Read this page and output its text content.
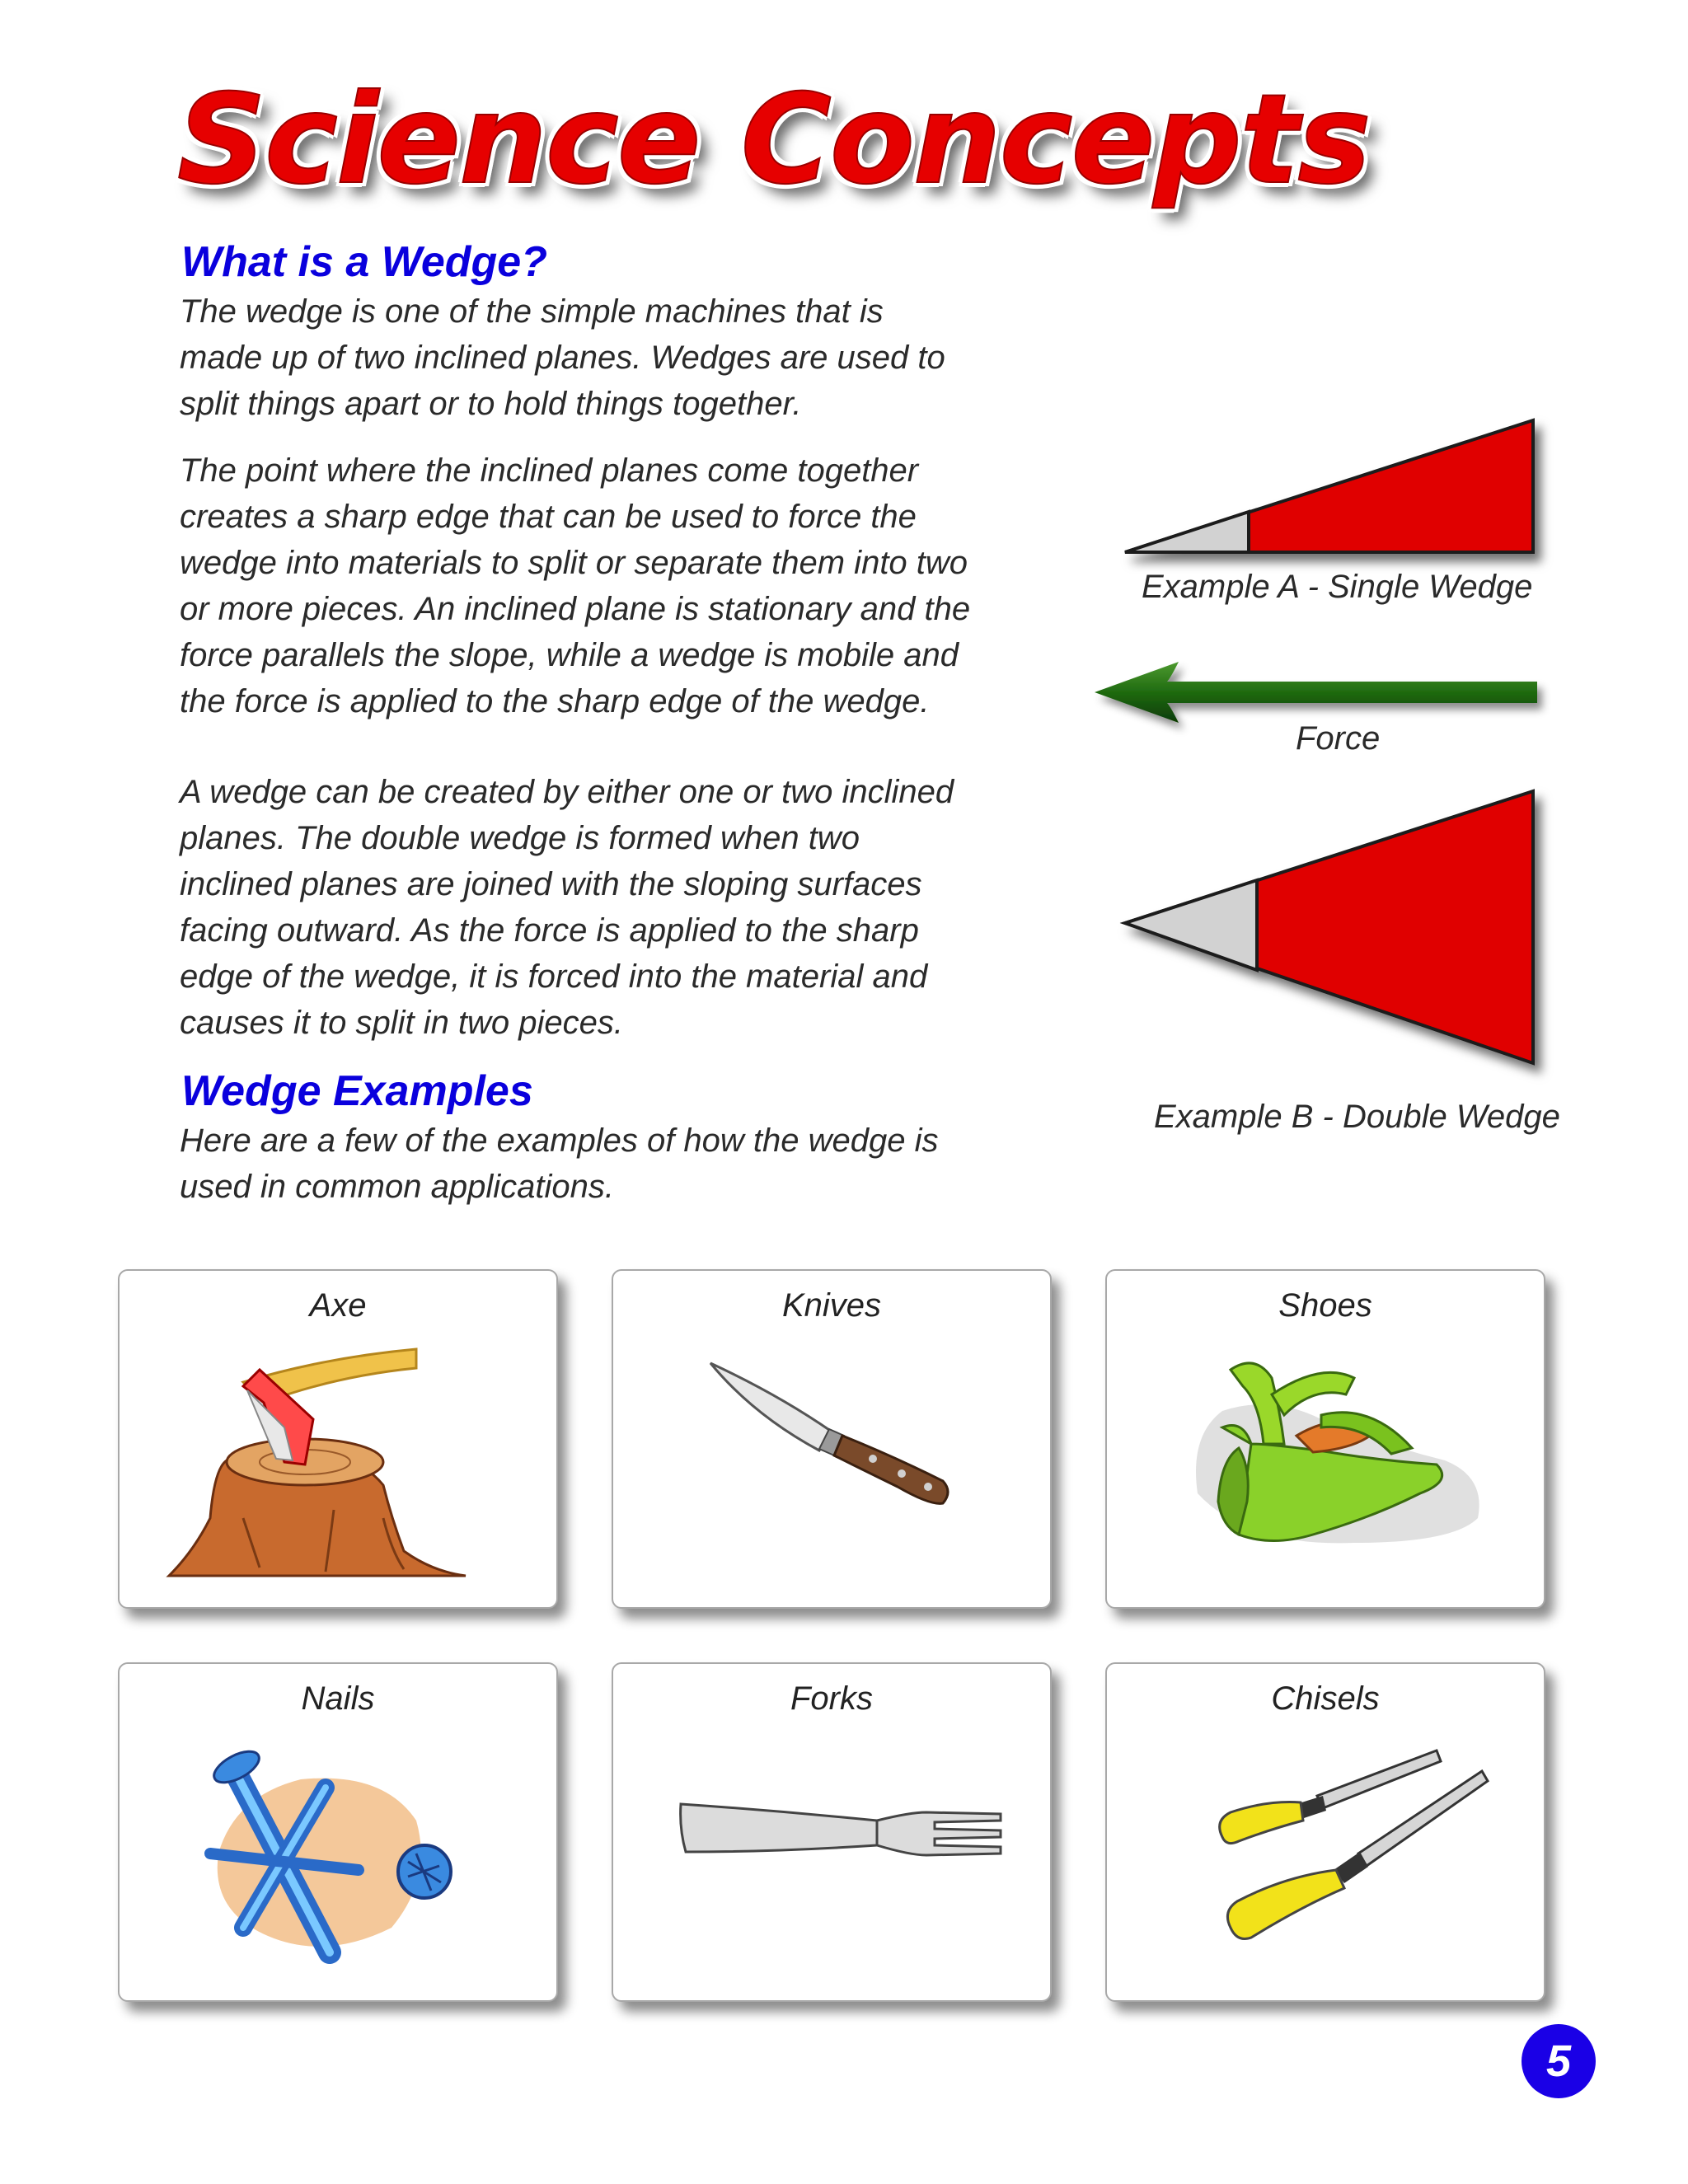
Science Concepts
What is a Wedge?

The wedge is one of the simple machines that is made up of two inclined planes. Wedges are used to split things apart or to hold things together.

The point where the inclined planes come together creates a sharp edge that can be used to force the wedge into materials to split or separate them into two or more pieces. An inclined plane is stationary and the force parallels the slope, while a wedge is mobile and the force is applied to the sharp edge of the wedge.

A wedge can be created by either one or two inclined planes. The double wedge is formed when two inclined planes are joined with the sloping surfaces facing outward. As the force is applied to the sharp edge of the wedge, it is forced into the material and causes it to split in two pieces.

Wedge Examples

Here are a few of the examples of how the wedge is used in common applications.

Example A - Single Wedge

Force

Example B - Double Wedge

Axe	Knives	Shoes
Nails	Forks	Chisels
5
